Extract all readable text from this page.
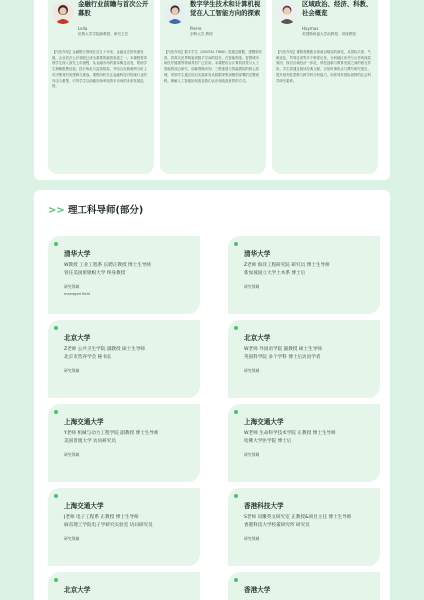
金融行业前瞻与首次公开募股
Leila
伦敦大学学院副教授、研究主任
【内容介绍】金融银行领域在近几十年来，金融业态的快速发展，企业首次公开募股已成为重要的融资渠道之一。本课程将带领学生深入探究上市流程，从金融市场的基本概念出发，帮助学生理解股票估值、投行角色与监管框架，并结合经典案例分析上市决策背后的逻辑与挑战。课程同时关注金融科技对传统行业的冲击与重塑，引导学生以前瞻视角审视资本市场的未来发展趋势。
数字学生技术和计算机视觉在人工智能方向的探索
Pierre
剑桥大学 教授
【内容介绍】数字学生（DIGITAL TWIN）是通过数据、建模和仿真，将真实世界映射到数字空间的技术，在智能制造、智慧城市和医疗健康等领域具有广泛应用。本课程结合计算机视觉与人工智能的前沿研究，讲解图像识别、三维重建与智能感知的核心原理，带领学生通过项目实践体验从数据采集到模型部署的完整流程，理解人工智能如何改变我们认识和改造世界的方式。
区域政治、经济、科教、社会概览
Haymus
美国斯坦福大学前教授、讲座教授
【内容介绍】课程将聚焦全球政治格局的演变，从国际关系、气候变化、贸易往来等多个维度出发，分析地区冲突与合作的深层原因，探讨区域经济一体化、科技创新与教育发展之间的相互作用。学生将通过阅读经典文献、讨论时事热点与撰写研究报告，提升批判性思维与跨学科分析能力，培养具有国际视野的社会科学研究素养。
>> 理工科导师(部分)
清华大学
W教授 工业工程系 长聘正教授 博士生导师
曾任美国密歇根大学 终身教授
研究领域
managed field
清华大学
Z老师 海洋工程研究院 研究员 博士生导师
新加坡国立大学土木系 博士后
研究领域
北京大学
Z老师 公共卫生学院 副教授 硕士生导师
北京市营养学会 秘书长
研究领域
北京大学
W老师 外国语学院 副教授 硕士生导师
英国科学院 多个学科 博士后访问学者
研究领域
上海交通大学
Y老师 机械与动力工程学院 副教授 博士生导师
美国普渡大学 访问研究员
研究领域
上海交通大学
W老师 生命科学技术学院 正教授 博士生导师
哈佛大学医学院 博士后
研究领域
上海交通大学
J老师 电子工程系 正教授 博士生导师
麻省理工学院电子学研究实验室 访问研究员
研究领域
香港科技大学
S老师 讯雕英文研究室 正教授&项目主任 博士生导师
香港科技大学校董研究所 研究员
研究领域
北京大学	香港大学
